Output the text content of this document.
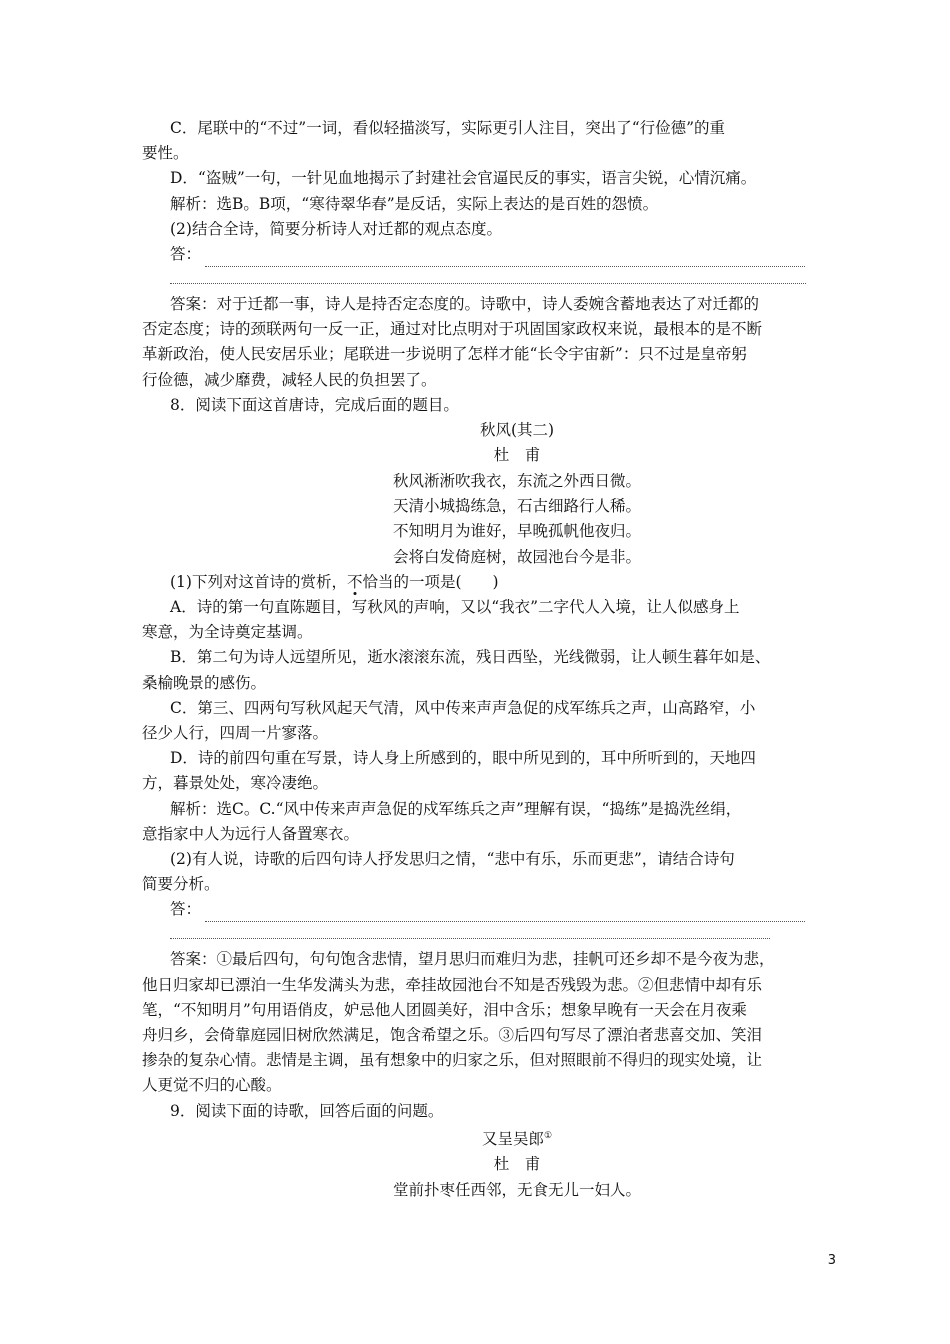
C．尾联中的“不过”一词，看似轻描淡写，实际更引人注目，突出了“行俭德”的重

要性。

D．“盗贼”一句，一针见血地揭示了封建社会官逼民反的事实，语言尖锐，心情沉痛。

解析：选B。B项，“寒待翠华春”是反话，实际上表达的是百姓的怨愤。

(2)结合全诗，简要分析诗人对迁都的观点态度。

答：

答案：对于迁都一事，诗人是持否定态度的。诗歌中，诗人委婉含蓄地表达了对迁都的

否定态度；诗的颈联两句一反一正，通过对比点明对于巩固国家政权来说，最根本的是不断

革新政治，使人民安居乐业；尾联进一步说明了怎样才能“长令宇宙新”：只不过是皇帝躬

行俭德，减少靡费，减轻人民的负担罢了。

8．阅读下面这首唐诗，完成后面的题目。

秋风(其二)

杜　甫

秋风淅淅吹我衣，东流之外西日微。

天清小城捣练急，石古细路行人稀。

不知明月为谁好，早晚孤帆他夜归。

会将白发倚庭树，故园池台今是非。

(1)下列对这首诗的赏析，不恰当的一项是(　　)

A．诗的第一句直陈题目，写秋风的声响，又以“我衣”二字代人入境，让人似感身上

寒意，为全诗奠定基调。

B．第二句为诗人远望所见，逝水滚滚东流，残日西坠，光线微弱，让人顿生暮年如是、

桑榆晚景的感伤。

C．第三、四两句写秋风起天气清，风中传来声声急促的戍军练兵之声，山高路窄，小

径少人行，四周一片寥落。

D．诗的前四句重在写景，诗人身上所感到的，眼中所见到的，耳中所听到的，天地四

方，暮景处处，寒冷凄绝。

解析：选C。C.“风中传来声声急促的戍军练兵之声”理解有误，“捣练”是捣洗丝绢，

意指家中人为远行人备置寒衣。

(2)有人说，诗歌的后四句诗人抒发思归之情，“悲中有乐，乐而更悲”，请结合诗句

简要分析。

答：

答案：①最后四句，句句饱含悲情，望月思归而难归为悲，挂帆可还乡却不是今夜为悲，

他日归家却已漂泊一生华发满头为悲，牵挂故园池台不知是否残毁为悲。②但悲情中却有乐

笔，“不知明月”句用语俏皮，妒忌他人团圆美好，泪中含乐；想象早晚有一天会在月夜乘

舟归乡，会倚靠庭园旧树欣然满足，饱含希望之乐。③后四句写尽了漂泊者悲喜交加、笑泪

掺杂的复杂心情。悲情是主调，虽有想象中的归家之乐，但对照眼前不得归的现实处境，让

人更觉不归的心酸。

9．阅读下面的诗歌，回答后面的问题。

又呈吴郎①

杜　甫

堂前扑枣任西邻，无食无儿一妇人。

3
